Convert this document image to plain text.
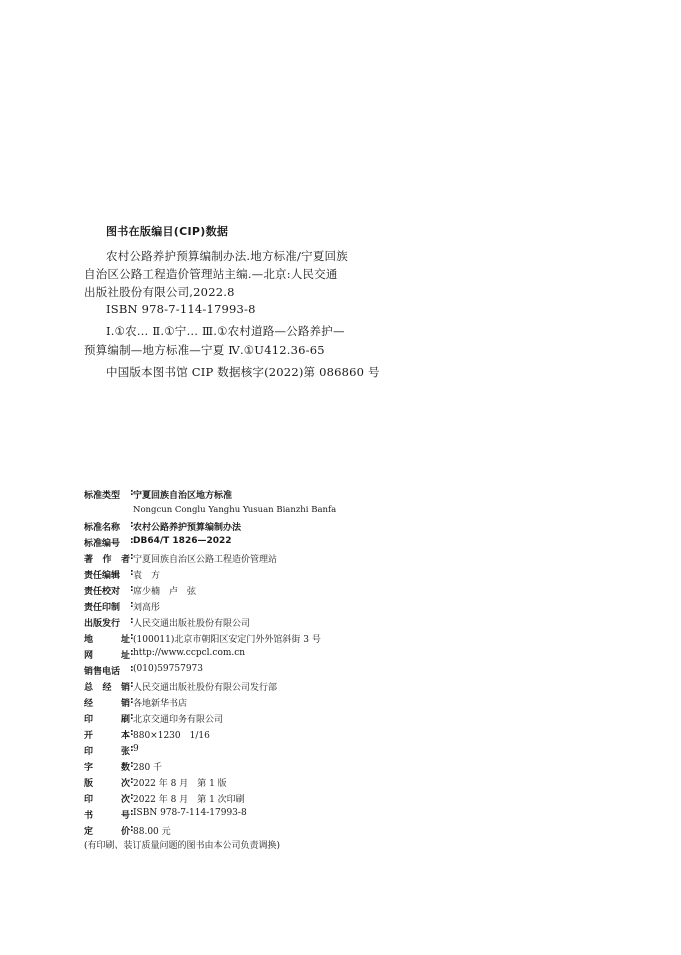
图书在版编目(CIP)数据
农村公路养护预算编制办法.地方标准/宁夏回族
自治区公路工程造价管理站主编.—北京:人民交通
出版社股份有限公司,2022.8
ISBN 978-7-114-17993-8
Ⅰ.①农… Ⅱ.①宁… Ⅲ.①农村道路—公路养护—
预算编制—地方标准—宁夏 Ⅳ.①U412.36-65
中国版本图书馆 CIP 数据核字(2022)第 086860 号
标准类型 : 宁夏回族自治区地方标准
Nongcun Conglu Yanghu Yusuan Bianzhi Banfa
标准名称 : 农村公路养护预算编制办法
标准编号 : DB64/T 1826—2022
著 作 者 : 宁夏回族自治区公路工程造价管理站
责任编辑 : 袁　方
责任校对 : 席少楠　卢　弦
责任印制 : 刘高彤
出版发行 : 人民交通出版社股份有限公司
地	址 : (100011)北京市朝阳区安定门外外馆斜街 3 号
网	址 : http://www.ccpcl.com.cn
销售电话 : (010)59757973
总 经 销 : 人民交通出版社股份有限公司发行部
经	销 : 各地新华书店
印	刷 : 北京交通印务有限公司
开	本 : 880×1230　1/16
印	张 : 9
字	数 : 280 千
版	次 : 2022 年 8 月　第 1 版
印	次 : 2022 年 8 月　第 1 次印刷
书	号 : ISBN 978-7-114-17993-8
定	价 : 88.00 元
(有印刷、装订质量问题的图书由本公司负责调换)
